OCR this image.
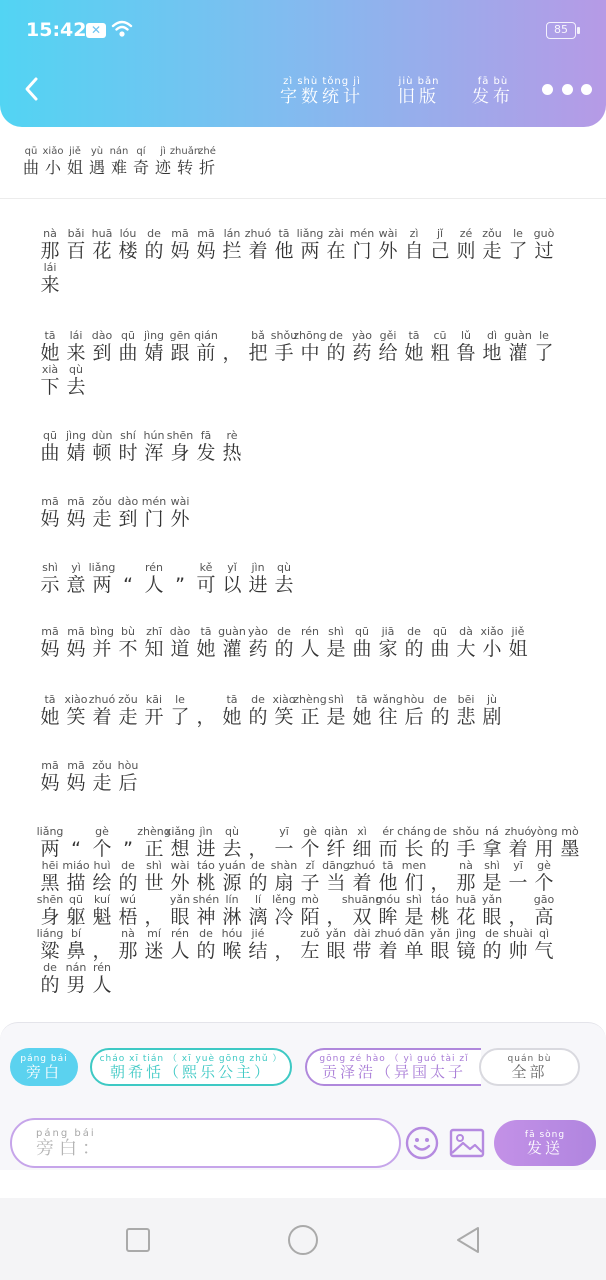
15:42 ✕	85
zì shù tǒng jì
字数统计
jiù bǎn
旧版
fā bù
发布
qū
曲
xiǎo
小
jiě
姐
yù
遇
nán
难
qí
奇
jì
迹
zhuǎn
转
zhé
折
nà
那
bǎi
百
huā
花
lóu
楼
de
的
mā
妈
mā
妈
lán
拦
zhuó
着
tā
他
liǎng
两
zài
在
mén
门
wài
外
zì
自
jǐ
己
zé
则
zǒu
走
le
了
guò
过
lái
来
tā
她
lái
来
dào
到
qū
曲
jìng
婧
gēn
跟
qián
前 ，
bǎ
把
shǒu
手
zhōng
中
de
的
yào
药
gěi
给
tā
她
cū
粗
lǔ
鲁
dì
地
guàn
灌
le
了
xià
下
qù
去
qū
曲
jìng
婧
dùn
顿
shí
时
hún
浑
shēn
身
fā
发
rè
热
mā
妈
mā
妈
zǒu
走
dào
到
mén
门
wài
外
shì
示
yì
意
liǎng
两 “
rén
人 ”
kě
可
yǐ
以
jìn
进
qù
去
mā
妈
mā
妈
bìng
并
bù
不
zhī
知
dào
道
tā
她
guàn
灌
yào
药
de
的
rén
人
shì
是
qū
曲
jiā
家
de
的
qū
曲
dà
大
xiǎo
小
jiě
姐
tā
她
xiào
笑
zhuó
着
zǒu
走
kāi
开
le
了 ，
tā
她
de
的
xiào
笑
zhèng
正
shì
是
tā
她
wǎng
往
hòu
后
de
的
bēi
悲
jù
剧
mā
妈
mā
妈
zǒu
走
hòu
后
liǎng
两 “
gè
个 ”
zhèng
正
xiǎng
想
jìn
进
qù
去 ，
yī
一
gè
个
qiàn
纤
xì
细
ér
而
cháng
长
de
的
shǒu
手
ná
拿
zhuó
着
yòng
用
mò
墨
hēi
黑
miáo
描
huì
绘
de
的
shì
世
wài
外
táo
桃
yuán
源
de
的
shàn
扇
zǐ
子
dāng
当
zhuó
着
tā
他
men
们 ，
nà
那
shì
是
yī
一
gè
个
shēn
身
qū
躯
kuí
魁
wú
梧 ，
yǎn
眼
shén
神
lín
淋
lí
漓
lěng
冷
mò
陌 ，
shuāng
双
móu
眸
shì
是
táo
桃
huā
花
yǎn
眼 ，
gāo
高
liáng
粱
bí
鼻 ，
nà
那
mí
迷
rén
人
de
的
hóu
喉
jié
结 ，
zuǒ
左
yǎn
眼
dài
带
zhuó
着
dān
单
yǎn
眼
jìng
镜
de
的
shuài
帅
qì
气
de
的
nán
男
rén
人
páng bái
旁白
cháo xī tián （ xī yuè gōng zhǔ ）
朝希恬（熙乐公主）
gōng zé hào （ yì guó tài zǐ
贡泽浩（异国太子
quán bù
全部
páng bái
旁白：
fā sòng
发送
